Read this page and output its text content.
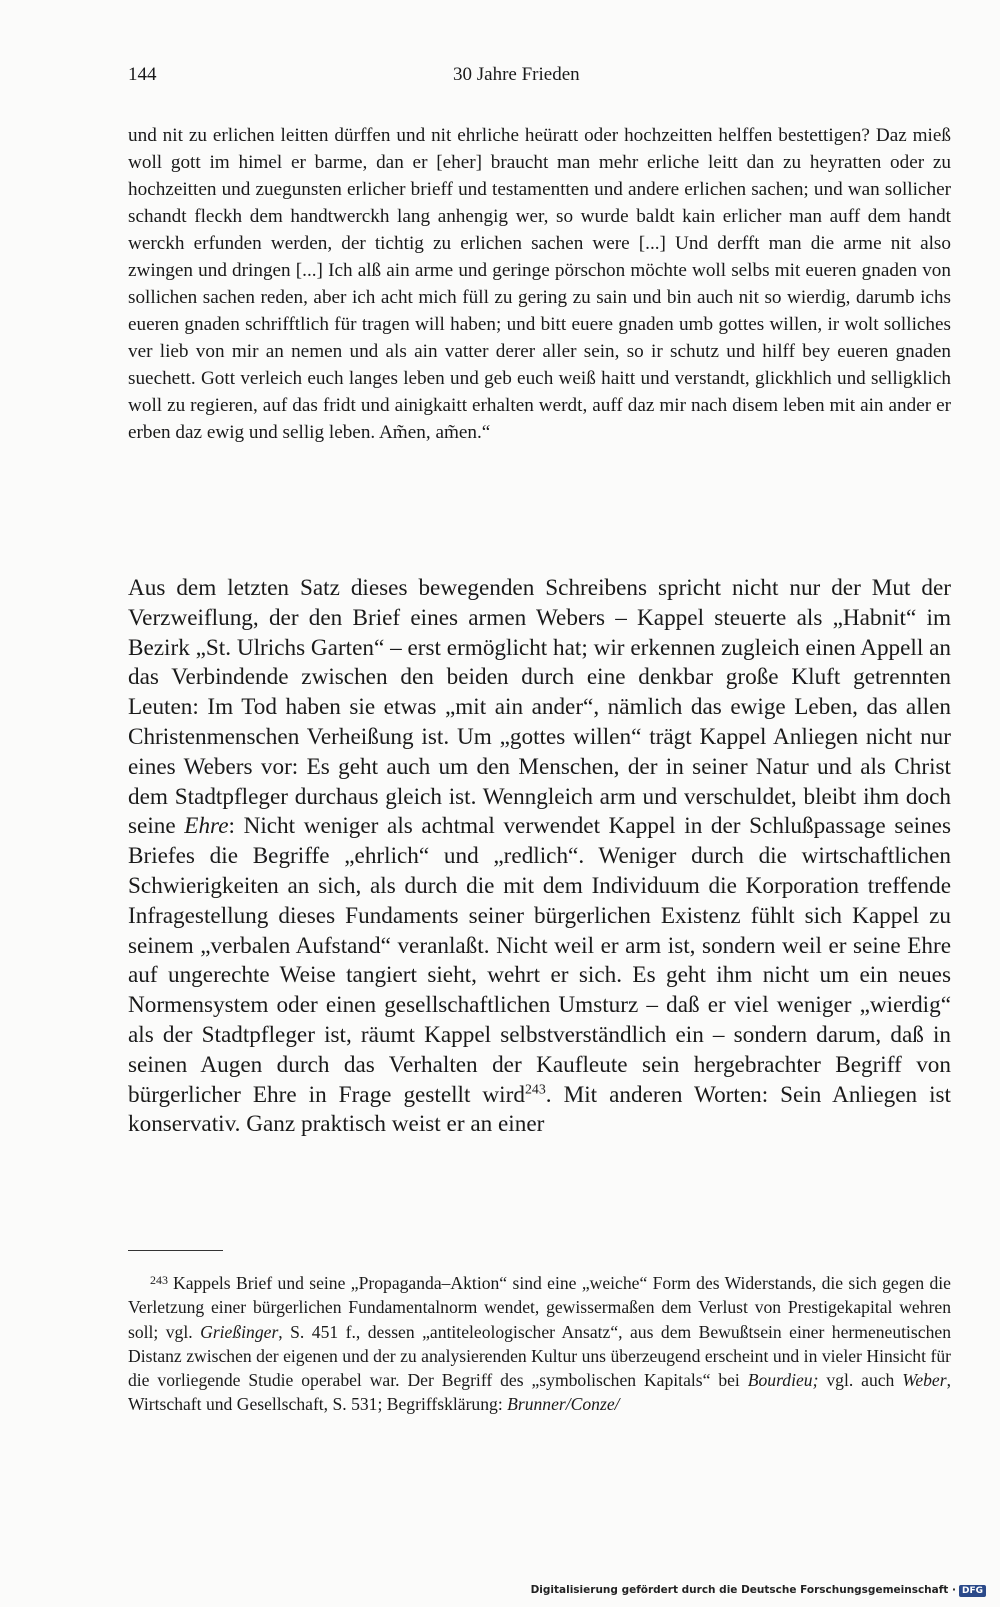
144	30 Jahre Frieden
und nit zu erlichen leitten dürffen und nit ehrliche heüratt oder hochzeitten helffen bestettigen? Daz mieß woll gott im himel er barme, dan er [eher] braucht man mehr erliche leitt dan zu heyratten oder zu hochzeitten und zuegunsten erlicher brieff und testamentten und andere erlichen sachen; und wan sollicher schandt fleckh dem handtwerckh lang anhengig wer, so wurde baldt kain erlicher man auff dem handt werckh erfunden werden, der tichtig zu erlichen sachen were [...] Und derfft man die arme nit also zwingen und dringen [...] Ich alß ain arme und geringe pörschon möchte woll selbs mit eueren gnaden von sollichen sachen reden, aber ich acht mich füll zu gering zu sain und bin auch nit so wierdig, darumb ichs eueren gnaden schrifftlich für tragen will haben; und bitt euere gnaden umb gottes willen, ir wolt solliches ver lieb von mir an nemen und als ain vatter derer aller sein, so ir schutz und hilff bey eueren gnaden suechett. Gott verleich euch langes leben und geb euch weiß haitt und verstandt, glickhlich und selligklich woll zu regieren, auf das fridt und ainigkaitt erhalten werdt, auff daz mir nach disem leben mit ain ander er erben daz ewig und sellig leben. Am̃en, am̃en.“
Aus dem letzten Satz dieses bewegenden Schreibens spricht nicht nur der Mut der Verzweiflung, der den Brief eines armen Webers – Kappel steuerte als „Habnit“ im Bezirk „St. Ulrichs Garten“ – erst ermöglicht hat; wir erkennen zugleich einen Appell an das Verbindende zwischen den beiden durch eine denkbar große Kluft getrennten Leuten: Im Tod haben sie etwas „mit ain ander“, nämlich das ewige Leben, das allen Christenmenschen Verheißung ist. Um „gottes willen“ trägt Kappel Anliegen nicht nur eines Webers vor: Es geht auch um den Menschen, der in seiner Natur und als Christ dem Stadtpfleger durchaus gleich ist. Wenngleich arm und verschuldet, bleibt ihm doch seine Ehre: Nicht weniger als achtmal verwendet Kappel in der Schlußpassage seines Briefes die Begriffe „ehrlich“ und „redlich“. Weniger durch die wirtschaftlichen Schwierigkeiten an sich, als durch die mit dem Individuum die Korporation treffende Infragestellung dieses Fundaments seiner bürgerlichen Existenz fühlt sich Kappel zu seinem „verbalen Aufstand“ veranlaßt. Nicht weil er arm ist, sondern weil er seine Ehre auf ungerechte Weise tangiert sieht, wehrt er sich. Es geht ihm nicht um ein neues Normensystem oder einen gesellschaftlichen Umsturz – daß er viel weniger „wierdig“ als der Stadtpfleger ist, räumt Kappel selbstverständlich ein – sondern darum, daß in seinen Augen durch das Verhalten der Kaufleute sein hergebrachter Begriff von bürgerlicher Ehre in Frage gestellt wird$^{243}$. Mit anderen Worten: Sein Anliegen ist konservativ. Ganz praktisch weist er an einer
$^{243}$ Kappels Brief und seine „Propaganda–Aktion“ sind eine „weiche“ Form des Widerstands, die sich gegen die Verletzung einer bürgerlichen Fundamentalnorm wendet, gewissermaßen dem Verlust von Prestigekapital wehren soll; vgl. Grießinger, S. 451 f., dessen „antiteleologischer Ansatz“, aus dem Bewußtsein einer hermeneutischen Distanz zwischen der eigenen und der zu analysierenden Kultur uns überzeugend erscheint und in vieler Hinsicht für die vorliegende Studie operabel war. Der Begriff des „symbolischen Kapitals“ bei Bourdieu; vgl. auch Weber, Wirtschaft und Gesellschaft, S. 531; Begriffsklärung: Brunner/Conze/
Digitalisierung gefördert durch die Deutsche Forschungsgemeinschaft · DFG
